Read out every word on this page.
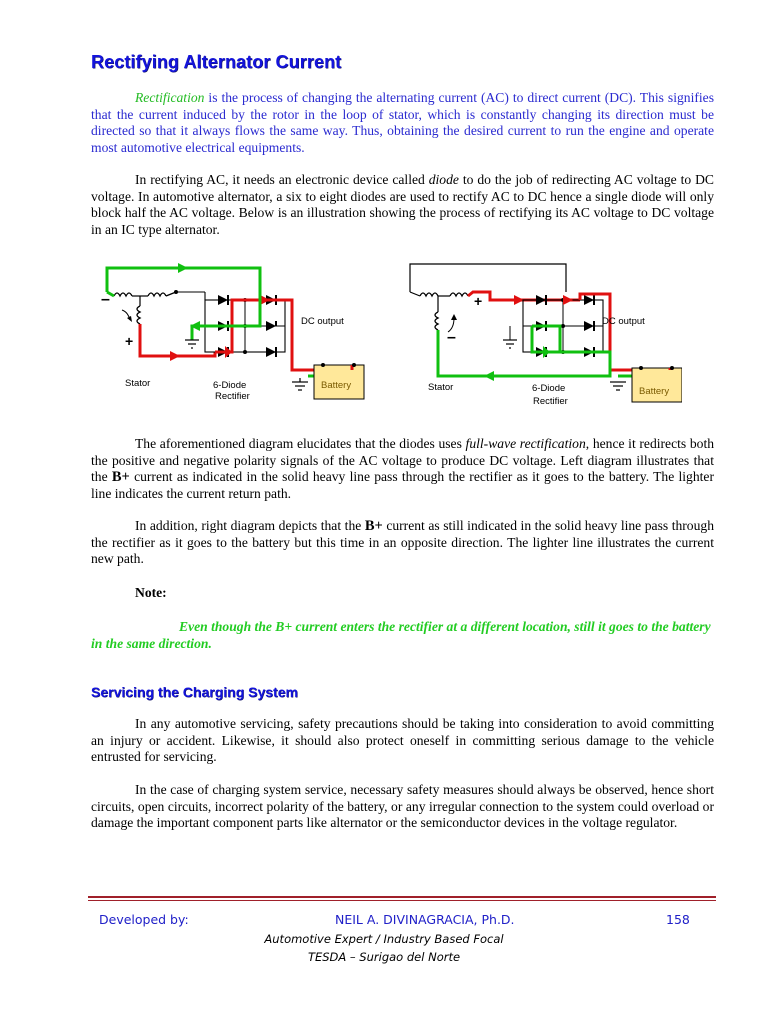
Rectifying Alternator Current
Rectification is the process of changing the alternating current (AC) to direct current (DC). This signifies that the current induced by the rotor in the loop of stator, which is constantly changing its direction must be directed so that it always flows the same way. Thus, obtaining the desired current to run the engine and operate most automotive electrical equipments.
In rectifying AC, it needs an electronic device called diode to do the job of redirecting AC voltage to DC voltage. In automotive alternator, a six to eight diodes are used to rectify AC to DC hence a single diode will only block half the AC voltage. Below is an illustration showing the process of rectifying its AC voltage to DC voltage in an IC type alternator.
–
+
Stator	6-Diode
Rectifier
DC output
Battery
–
+
Stator	6-Diode
Rectifier
DC output
Battery
The aforementioned diagram elucidates that the diodes uses full-wave rectification, hence it redirects both the positive and negative polarity signals of the AC voltage to produce DC voltage. Left diagram illustrates that the B+ current as indicated in the solid heavy line pass through the rectifier as it goes to the battery. The lighter line indicates the current return path.
In addition, right diagram depicts that the B+ current as still indicated in the solid heavy line pass through the rectifier as it goes to the battery but this time in an opposite direction. The lighter line illustrates the current new path.
Note:
Even though the B+ current enters the rectifier at a different location, still it goes to the battery in the same direction.
Servicing the Charging System
In any automotive servicing, safety precautions should be taking into consideration to avoid committing an injury or accident. Likewise, it should also protect oneself in committing serious damage to the vehicle entrusted for servicing.
In the case of charging system service, necessary safety measures should always be observed, hence short circuits, open circuits, incorrect polarity of the battery, or any irregular connection to the system could overload or damage the important component parts like alternator or the semiconductor devices in the voltage regulator.
Developed by:	NEIL A. DIVINAGRACIA, Ph.D.	158
Automotive Expert / Industry Based Focal
TESDA – Surigao del Norte
